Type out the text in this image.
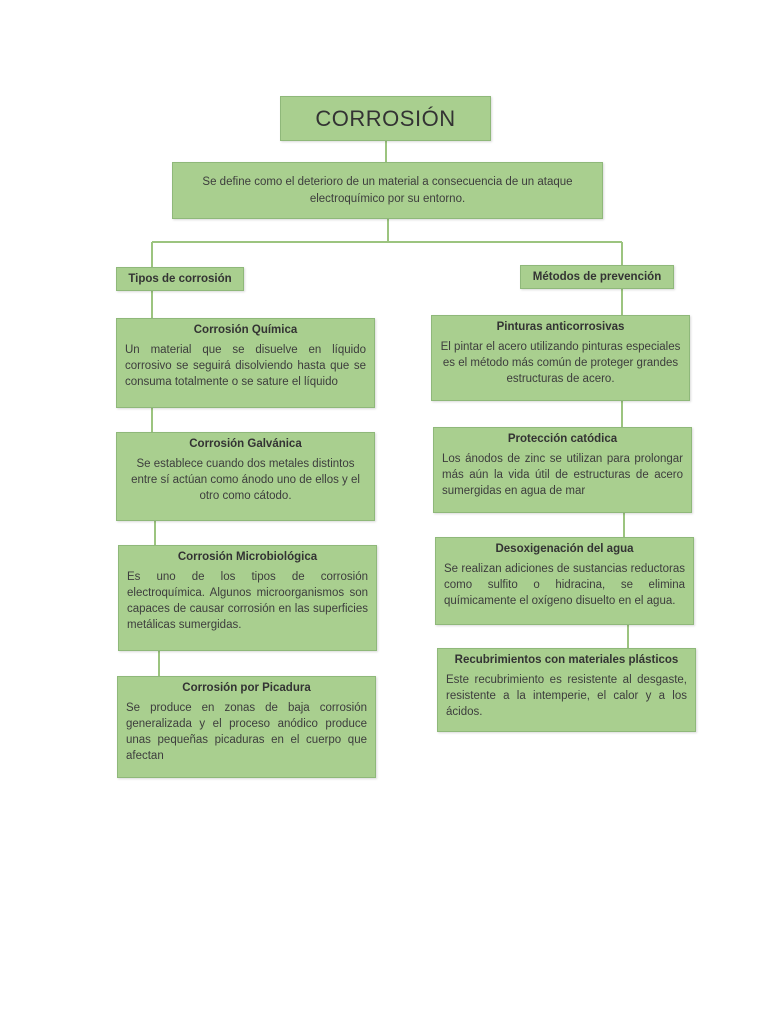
CORROSIÓN
Se define como el deterioro de un material a consecuencia de un ataque electroquímico por su entorno.
Tipos de corrosión	Métodos de prevención
Corrosión Química
Un material que se disuelve en líquido corrosivo se seguirá disolviendo hasta que se consuma totalmente o se sature el líquido
Corrosión Galvánica
Se establece cuando dos metales distintos entre sí actúan como ánodo uno de ellos y el otro como cátodo.
Corrosión Microbiológica
Es uno de los tipos de corrosión electroquímica. Algunos microorganismos son capaces de causar corrosión en las superficies metálicas sumergidas.
Corrosión por Picadura
Se produce en zonas de baja corrosión generalizada y el proceso anódico produce unas pequeñas picaduras en el cuerpo que afectan
Pinturas anticorrosivas
El pintar el acero utilizando pinturas especiales es el método más común de proteger grandes estructuras de acero.
Protección catódica
Los ánodos de zinc se utilizan para prolongar más aún la vida útil de estructuras de acero sumergidas en agua de mar
Desoxigenación del agua
Se realizan adiciones de sustancias reductoras como sulfito o hidracina, se elimina químicamente el oxígeno disuelto en el agua.
Recubrimientos con materiales plásticos
Este recubrimiento es resistente al desgaste, resistente a la intemperie, el calor y a los ácidos.
